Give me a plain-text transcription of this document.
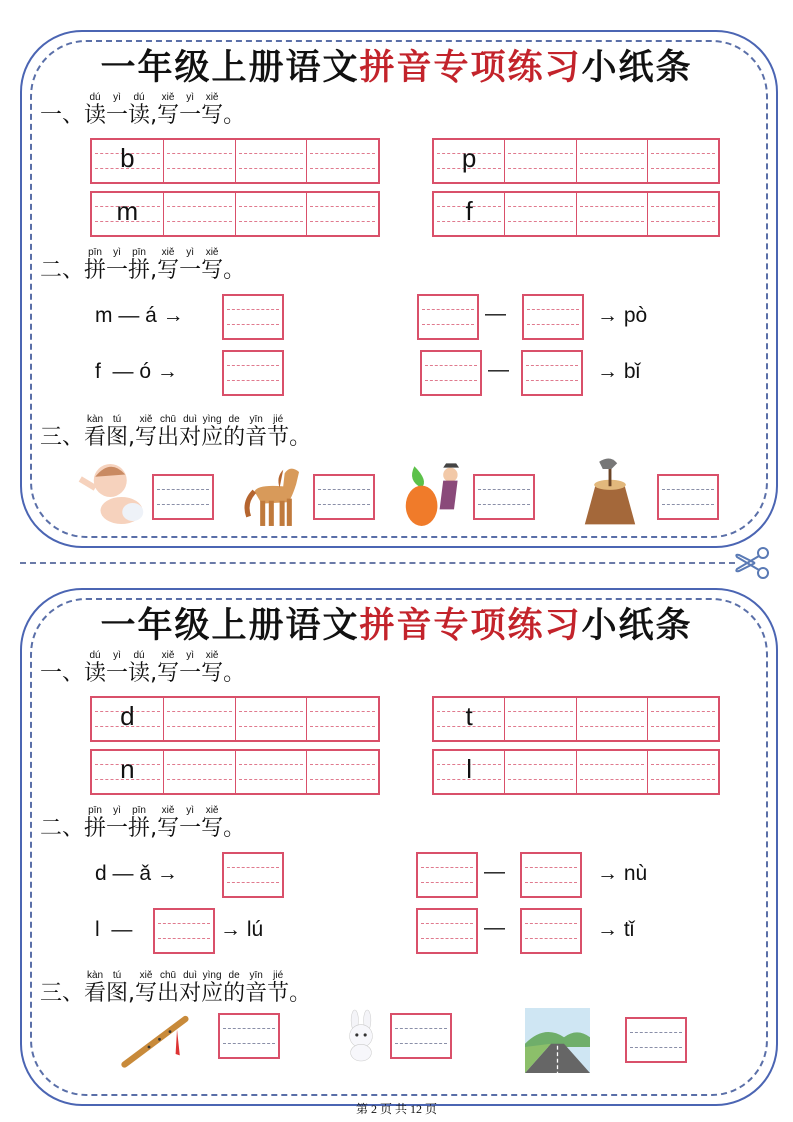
一年级上册语文拼音专项练习小纸条
一、读dú一yì读dú,写xiě一yì写xiě。
b	p
m	f
二、拼pīn一yì拼pīn,写xiě一yì写xiě。
m — á →	—	→ pò
f  — ó →	—	→ bǐ
三、看kàn图tú,写xiě出chū对duì应yìng的de音yīn节jié。
一年级上册语文拼音专项练习小纸条
一、读dú一yì读dú,写xiě一yì写xiě。
d	t
n	l
二、拼pīn一yì拼pīn,写xiě一yì写xiě。
d — ǎ →	—	→ nù
l  —	→ lú	—	→ tǐ
三、看kàn图tú,写xiě出chū对duì应yìng的de音yīn节jié。
第 2 页 共 12 页
